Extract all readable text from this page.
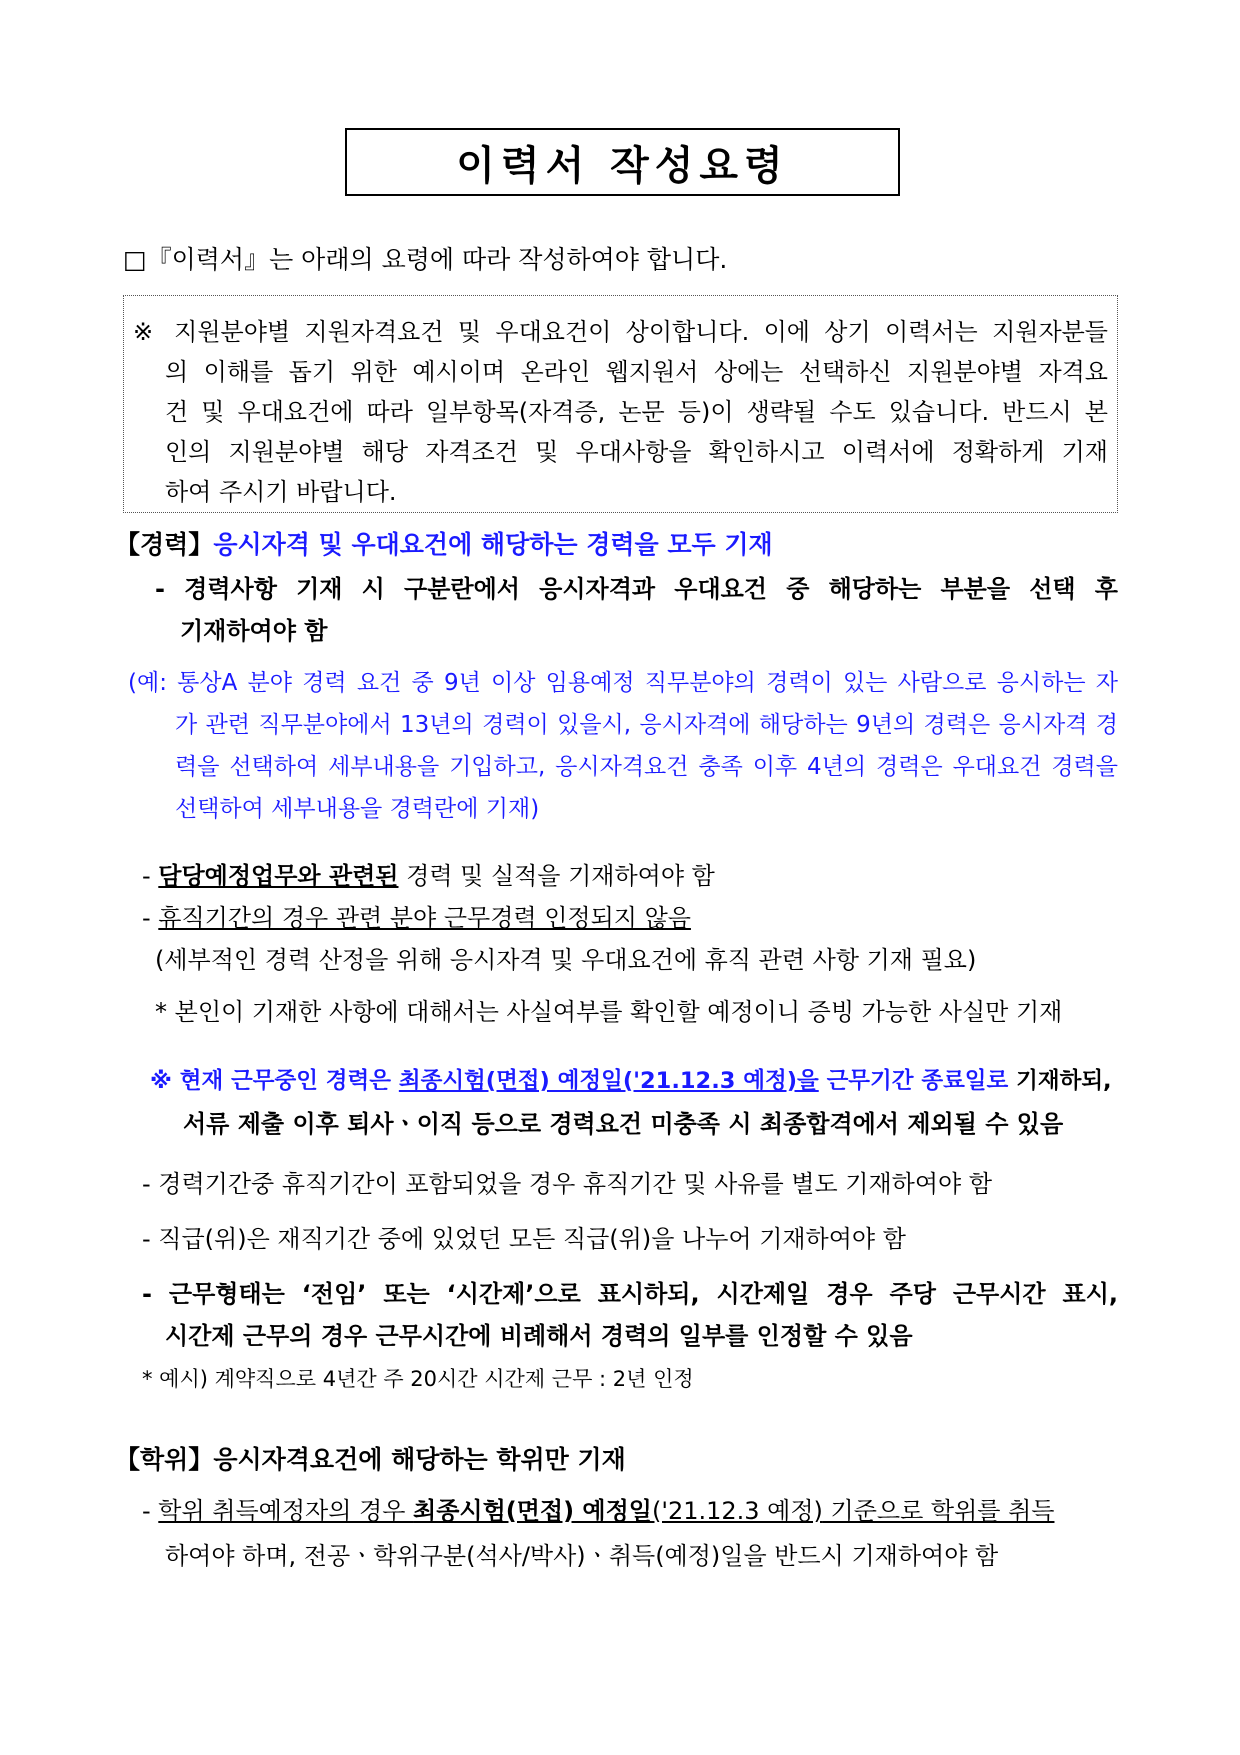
이력서 작성요령
□『이력서』는 아래의 요령에 따라 작성하여야 합니다.
※ 지원분야별 지원자격요건 및 우대요건이 상이합니다. 이에 상기 이력서는 지원자분들
의 이해를 돕기 위한 예시이며 온라인 웹지원서 상에는 선택하신 지원분야별 자격요
건 및 우대요건에 따라 일부항목(자격증, 논문 등)이 생략될 수도 있습니다. 반드시 본
인의 지원분야별 해당 자격조건 및 우대사항을 확인하시고 이력서에 정확하게 기재
하여 주시기 바랍니다.
【경력】응시자격 및 우대요건에 해당하는 경력을 모두 기재
- 경력사항 기재 시 구분란에서 응시자격과 우대요건 중 해당하는 부분을 선택 후
기재하여야 함
(예: 통상A 분야 경력 요건 중 9년 이상 임용예정 직무분야의 경력이 있는 사람으로 응시하는 자
가 관련 직무분야에서 13년의 경력이 있을시, 응시자격에 해당하는 9년의 경력은 응시자격 경
력을 선택하여 세부내용을 기입하고, 응시자격요건 충족 이후 4년의 경력은 우대요건 경력을
선택하여 세부내용을 경력란에 기재)
- 담당예정업무와 관련된 경력 및 실적을 기재하여야 함
- 휴직기간의 경우 관련 분야 근무경력 인정되지 않음
(세부적인 경력 산정을 위해 응시자격 및 우대요건에 휴직 관련 사항 기재 필요)
* 본인이 기재한 사항에 대해서는 사실여부를 확인할 예정이니 증빙 가능한 사실만 기재
※ 현재 근무중인 경력은 최종시험(면접) 예정일('21.12.3 예정)을 근무기간 종료일로 기재하되,
서류 제출 이후 퇴사ㆍ이직 등으로 경력요건 미충족 시 최종합격에서 제외될 수 있음
- 경력기간중 휴직기간이 포함되었을 경우 휴직기간 및 사유를 별도 기재하여야 함
- 직급(위)은 재직기간 중에 있었던 모든 직급(위)을 나누어 기재하여야 함
- 근무형태는 ‘전임’ 또는 ‘시간제’으로 표시하되, 시간제일 경우 주당 근무시간 표시,
시간제 근무의 경우 근무시간에 비례해서 경력의 일부를 인정할 수 있음
* 예시) 계약직으로 4년간 주 20시간 시간제 근무 : 2년 인정
【학위】응시자격요건에 해당하는 학위만 기재
- 학위 취득예정자의 경우 최종시험(면접) 예정일('21.12.3 예정) 기준으로 학위를 취득
하여야 하며, 전공ㆍ학위구분(석사/박사)ㆍ취득(예정)일을 반드시 기재하여야 함
